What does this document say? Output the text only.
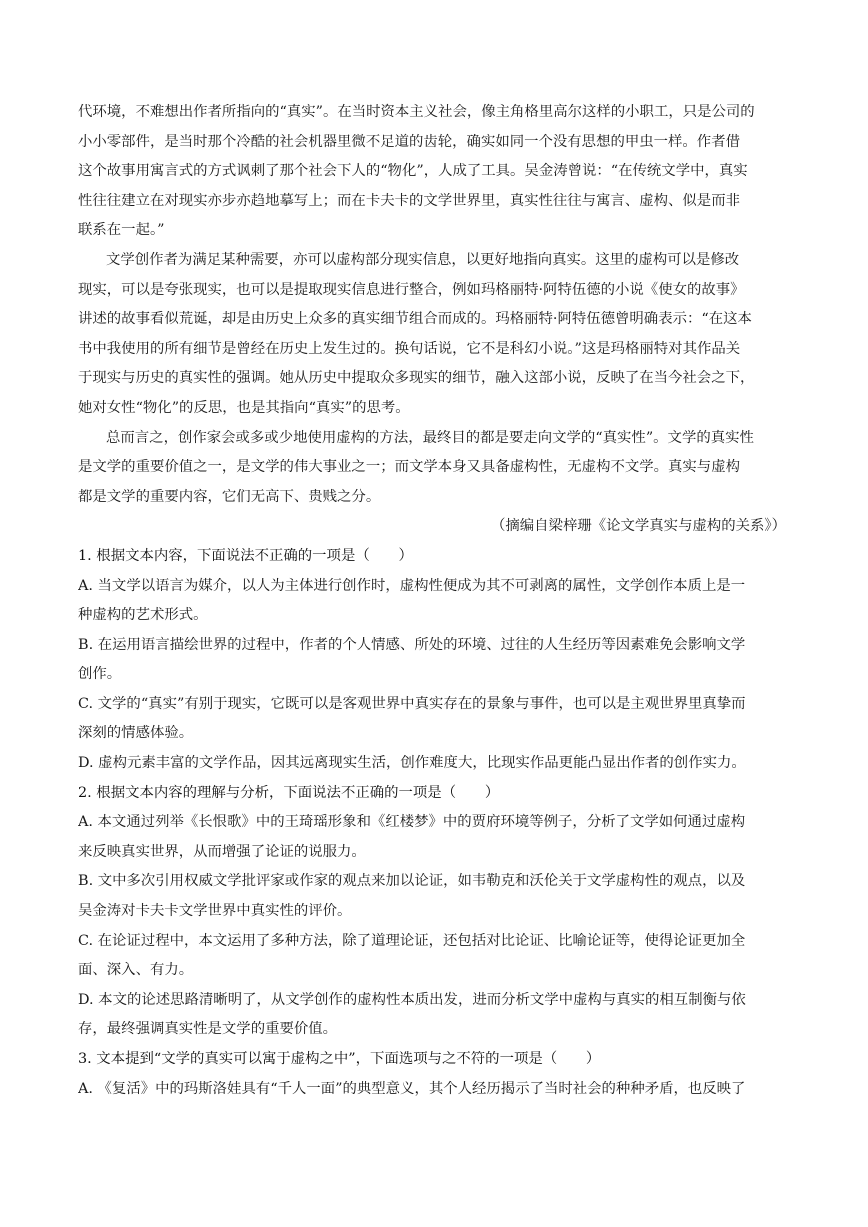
代环境，不难想出作者所指向的“真实”。在当时资本主义社会，像主角格里高尔这样的小职工，只是公司的
小小零部件，是当时那个冷酷的社会机器里微不足道的齿轮，确实如同一个没有思想的甲虫一样。作者借
这个故事用寓言式的方式讽刺了那个社会下人的“物化”，人成了工具。吴金涛曾说：“在传统文学中，真实
性往往建立在对现实亦步亦趋地摹写上；而在卡夫卡的文学世界里，真实性往往与寓言、虚构、似是而非
联系在一起。”
文学创作者为满足某种需要，亦可以虚构部分现实信息，以更好地指向真实。这里的虚构可以是修改
现实，可以是夸张现实，也可以是提取现实信息进行整合，例如玛格丽特·阿特伍德的小说《使女的故事》
讲述的故事看似荒诞，却是由历史上众多的真实细节组合而成的。玛格丽特·阿特伍德曾明确表示：“在这本
书中我使用的所有细节是曾经在历史上发生过的。换句话说，它不是科幻小说。”这是玛格丽特对其作品关
于现实与历史的真实性的强调。她从历史中提取众多现实的细节，融入这部小说，反映了在当今社会之下，
她对女性“物化”的反思，也是其指向“真实”的思考。
总而言之，创作家会或多或少地使用虚构的方法，最终目的都是要走向文学的“真实性”。文学的真实性
是文学的重要价值之一，是文学的伟大事业之一；而文学本身又具备虚构性，无虚构不文学。真实与虚构
都是文学的重要内容，它们无高下、贵贱之分。
（摘编自梁梓珊《论文学真实与虚构的关系》）
1. 根据文本内容，下面说法不正确的一项是（　　）
A. 当文学以语言为媒介，以人为主体进行创作时，虚构性便成为其不可剥离的属性，文学创作本质上是一
种虚构的艺术形式。
B. 在运用语言描绘世界的过程中，作者的个人情感、所处的环境、过往的人生经历等因素难免会影响文学
创作。
C. 文学的“真实”有别于现实，它既可以是客观世界中真实存在的景象与事件，也可以是主观世界里真挚而
深刻的情感体验。
D. 虚构元素丰富的文学作品，因其远离现实生活，创作难度大，比现实作品更能凸显出作者的创作实力。
2. 根据文本内容的理解与分析，下面说法不正确的一项是（　　）
A. 本文通过列举《长恨歌》中的王琦瑶形象和《红楼梦》中的贾府环境等例子，分析了文学如何通过虚构
来反映真实世界，从而增强了论证的说服力。
B. 文中多次引用权威文学批评家或作家的观点来加以论证，如韦勒克和沃伦关于文学虚构性的观点，以及
吴金涛对卡夫卡文学世界中真实性的评价。
C. 在论证过程中，本文运用了多种方法，除了道理论证，还包括对比论证、比喻论证等，使得论证更加全
面、深入、有力。
D. 本文的论述思路清晰明了，从文学创作的虚构性本质出发，进而分析文学中虚构与真实的相互制衡与依
存，最终强调真实性是文学的重要价值。
3. 文本提到“文学的真实可以寓于虚构之中”，下面选项与之不符的一项是（　　）
A. 《复活》中的玛斯洛娃具有“千人一面”的典型意义，其个人经历揭示了当时社会的种种矛盾，也反映了
